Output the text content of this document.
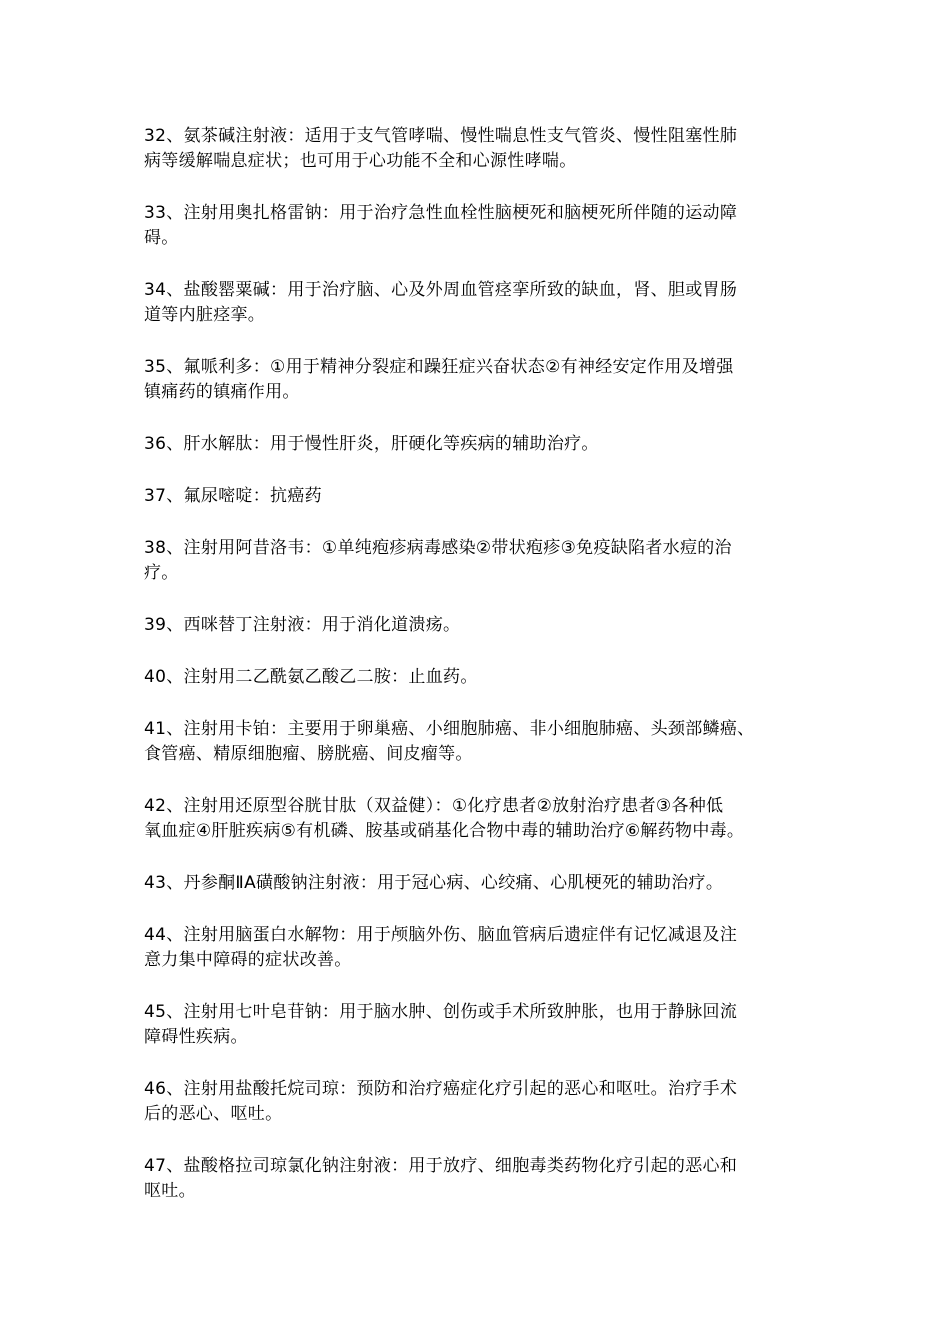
32、氨茶碱注射液：适用于支气管哮喘、慢性喘息性支气管炎、慢性阻塞性肺
病等缓解喘息症状；也可用于心功能不全和心源性哮喘。

33、注射用奥扎格雷钠：用于治疗急性血栓性脑梗死和脑梗死所伴随的运动障
碍。

34、盐酸罂粟碱：用于治疗脑、心及外周血管痉挛所致的缺血，肾、胆或胃肠
道等内脏痉挛。

35、氟哌利多：①用于精神分裂症和躁狂症兴奋状态②有神经安定作用及增强
镇痛药的镇痛作用。

36、肝水解肽：用于慢性肝炎，肝硬化等疾病的辅助治疗。

37、氟尿嘧啶：抗癌药

38、注射用阿昔洛韦：①单纯疱疹病毒感染②带状疱疹③免疫缺陷者水痘的治
疗。

39、西咪替丁注射液：用于消化道溃疡。

40、注射用二乙酰氨乙酸乙二胺：止血药。

41、注射用卡铂：主要用于卵巢癌、小细胞肺癌、非小细胞肺癌、头颈部鳞癌、
食管癌、精原细胞瘤、膀胱癌、间皮瘤等。

42、注射用还原型谷胱甘肽（双益健）：①化疗患者②放射治疗患者③各种低
氧血症④肝脏疾病⑤有机磷、胺基或硝基化合物中毒的辅助治疗⑥解药物中毒。

43、丹参酮ⅡA磺酸钠注射液：用于冠心病、心绞痛、心肌梗死的辅助治疗。

44、注射用脑蛋白水解物：用于颅脑外伤、脑血管病后遗症伴有记忆减退及注
意力集中障碍的症状改善。

45、注射用七叶皂苷钠：用于脑水肿、创伤或手术所致肿胀，也用于静脉回流
障碍性疾病。

46、注射用盐酸托烷司琼：预防和治疗癌症化疗引起的恶心和呕吐。治疗手术
后的恶心、呕吐。

47、盐酸格拉司琼氯化钠注射液：用于放疗、细胞毒类药物化疗引起的恶心和
呕吐。
